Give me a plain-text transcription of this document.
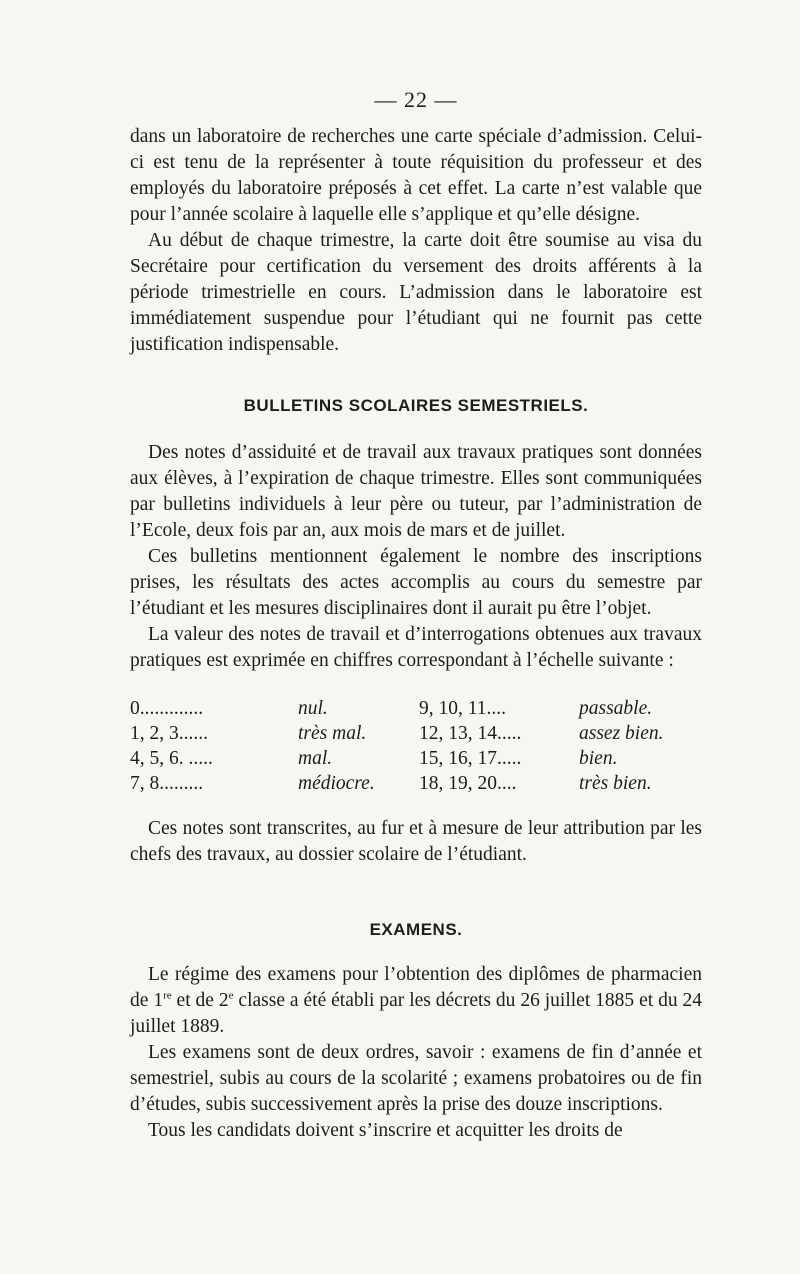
— 22 —

dans un laboratoire de recherches une carte spéciale d’admission. Celui-ci est tenu de la représenter à toute réquisition du professeur et des employés du laboratoire préposés à cet effet. La carte n’est valable que pour l’année scolaire à laquelle elle s’applique et qu’elle désigne.

Au début de chaque trimestre, la carte doit être soumise au visa du Secrétaire pour certification du versement des droits afférents à la période trimestrielle en cours. L’admission dans le laboratoire est immédiatement suspendue pour l’étudiant qui ne fournit pas cette justification indispensable.

BULLETINS SCOLAIRES SEMESTRIELS.

Des notes d’assiduité et de travail aux travaux pratiques sont données aux élèves, à l’expiration de chaque trimestre. Elles sont communiquées par bulletins individuels à leur père ou tuteur, par l’administration de l’Ecole, deux fois par an, aux mois de mars et de juillet.

Ces bulletins mentionnent également le nombre des inscriptions prises, les résultats des actes accomplis au cours du semestre par l’étudiant et les mesures disciplinaires dont il aurait pu être l’objet.

La valeur des notes de travail et d’interrogations obtenues aux travaux pratiques est exprimée en chiffres correspondant à l’échelle suivante :

0.............	nul.	9, 10, 11....	passable.
1, 2, 3......	très mal.	12, 13, 14.....	assez bien.
4, 5, 6. .....	mal.	15, 16, 17.....	bien.
7, 8.........	médiocre.	18, 19, 20....	très bien.

Ces notes sont transcrites, au fur et à mesure de leur attribution par les chefs des travaux, au dossier scolaire de l’étudiant.

EXAMENS.

Le régime des examens pour l’obtention des diplômes de pharmacien de 1re et de 2e classe a été établi par les décrets du 26 juillet 1885 et du 24 juillet 1889.

Les examens sont de deux ordres, savoir : examens de fin d’année et semestriel, subis au cours de la scolarité ; examens probatoires ou de fin d’études, subis successivement après la prise des douze inscriptions.

Tous les candidats doivent s’inscrire et acquitter les droits de
